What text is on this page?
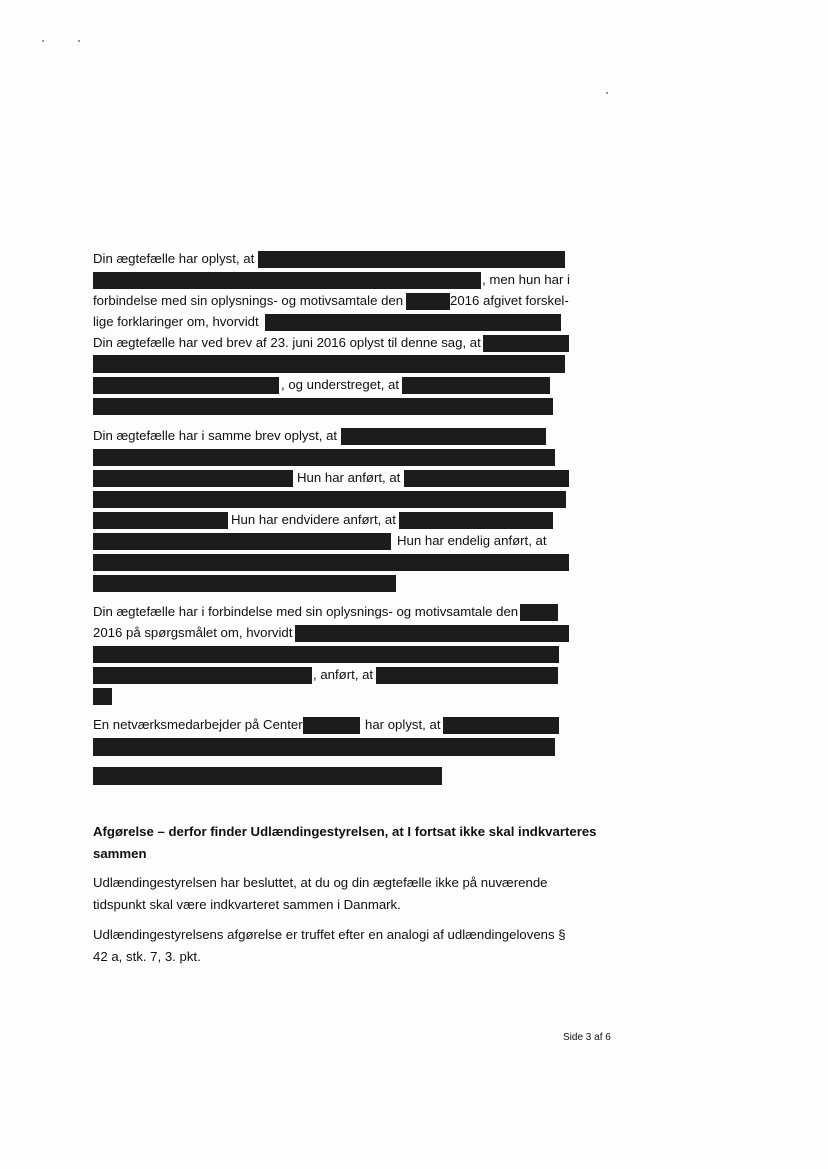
Din ægtefælle har oplyst, at
, men hun har i
forbindelse med sin oplysnings- og motivsamtale den	2016 afgivet forskel-
lige forklaringer om, hvorvidt
Din ægtefælle har ved brev af 23. juni 2016 oplyst til denne sag, at
, og understreget, at
Din ægtefælle har i samme brev oplyst, at
Hun har anført, at
Hun har endvidere anført, at
Hun har endelig anført, at
Din ægtefælle har i forbindelse med sin oplysnings- og motivsamtale den
2016 på spørgsmålet om, hvorvidt
, anført, at
En netværksmedarbejder på Center	har oplyst, at
Afgørelse – derfor finder Udlændingestyrelsen, at I fortsat ikke skal indkvarteres
sammen
Udlændingestyrelsen har besluttet, at du og din ægtefælle ikke på nuværende
tidspunkt skal være indkvarteret sammen i Danmark.
Udlændingestyrelsens afgørelse er truffet efter en analogi af udlændingelovens §
42 a, stk. 7, 3. pkt.
Side 3 af 6
